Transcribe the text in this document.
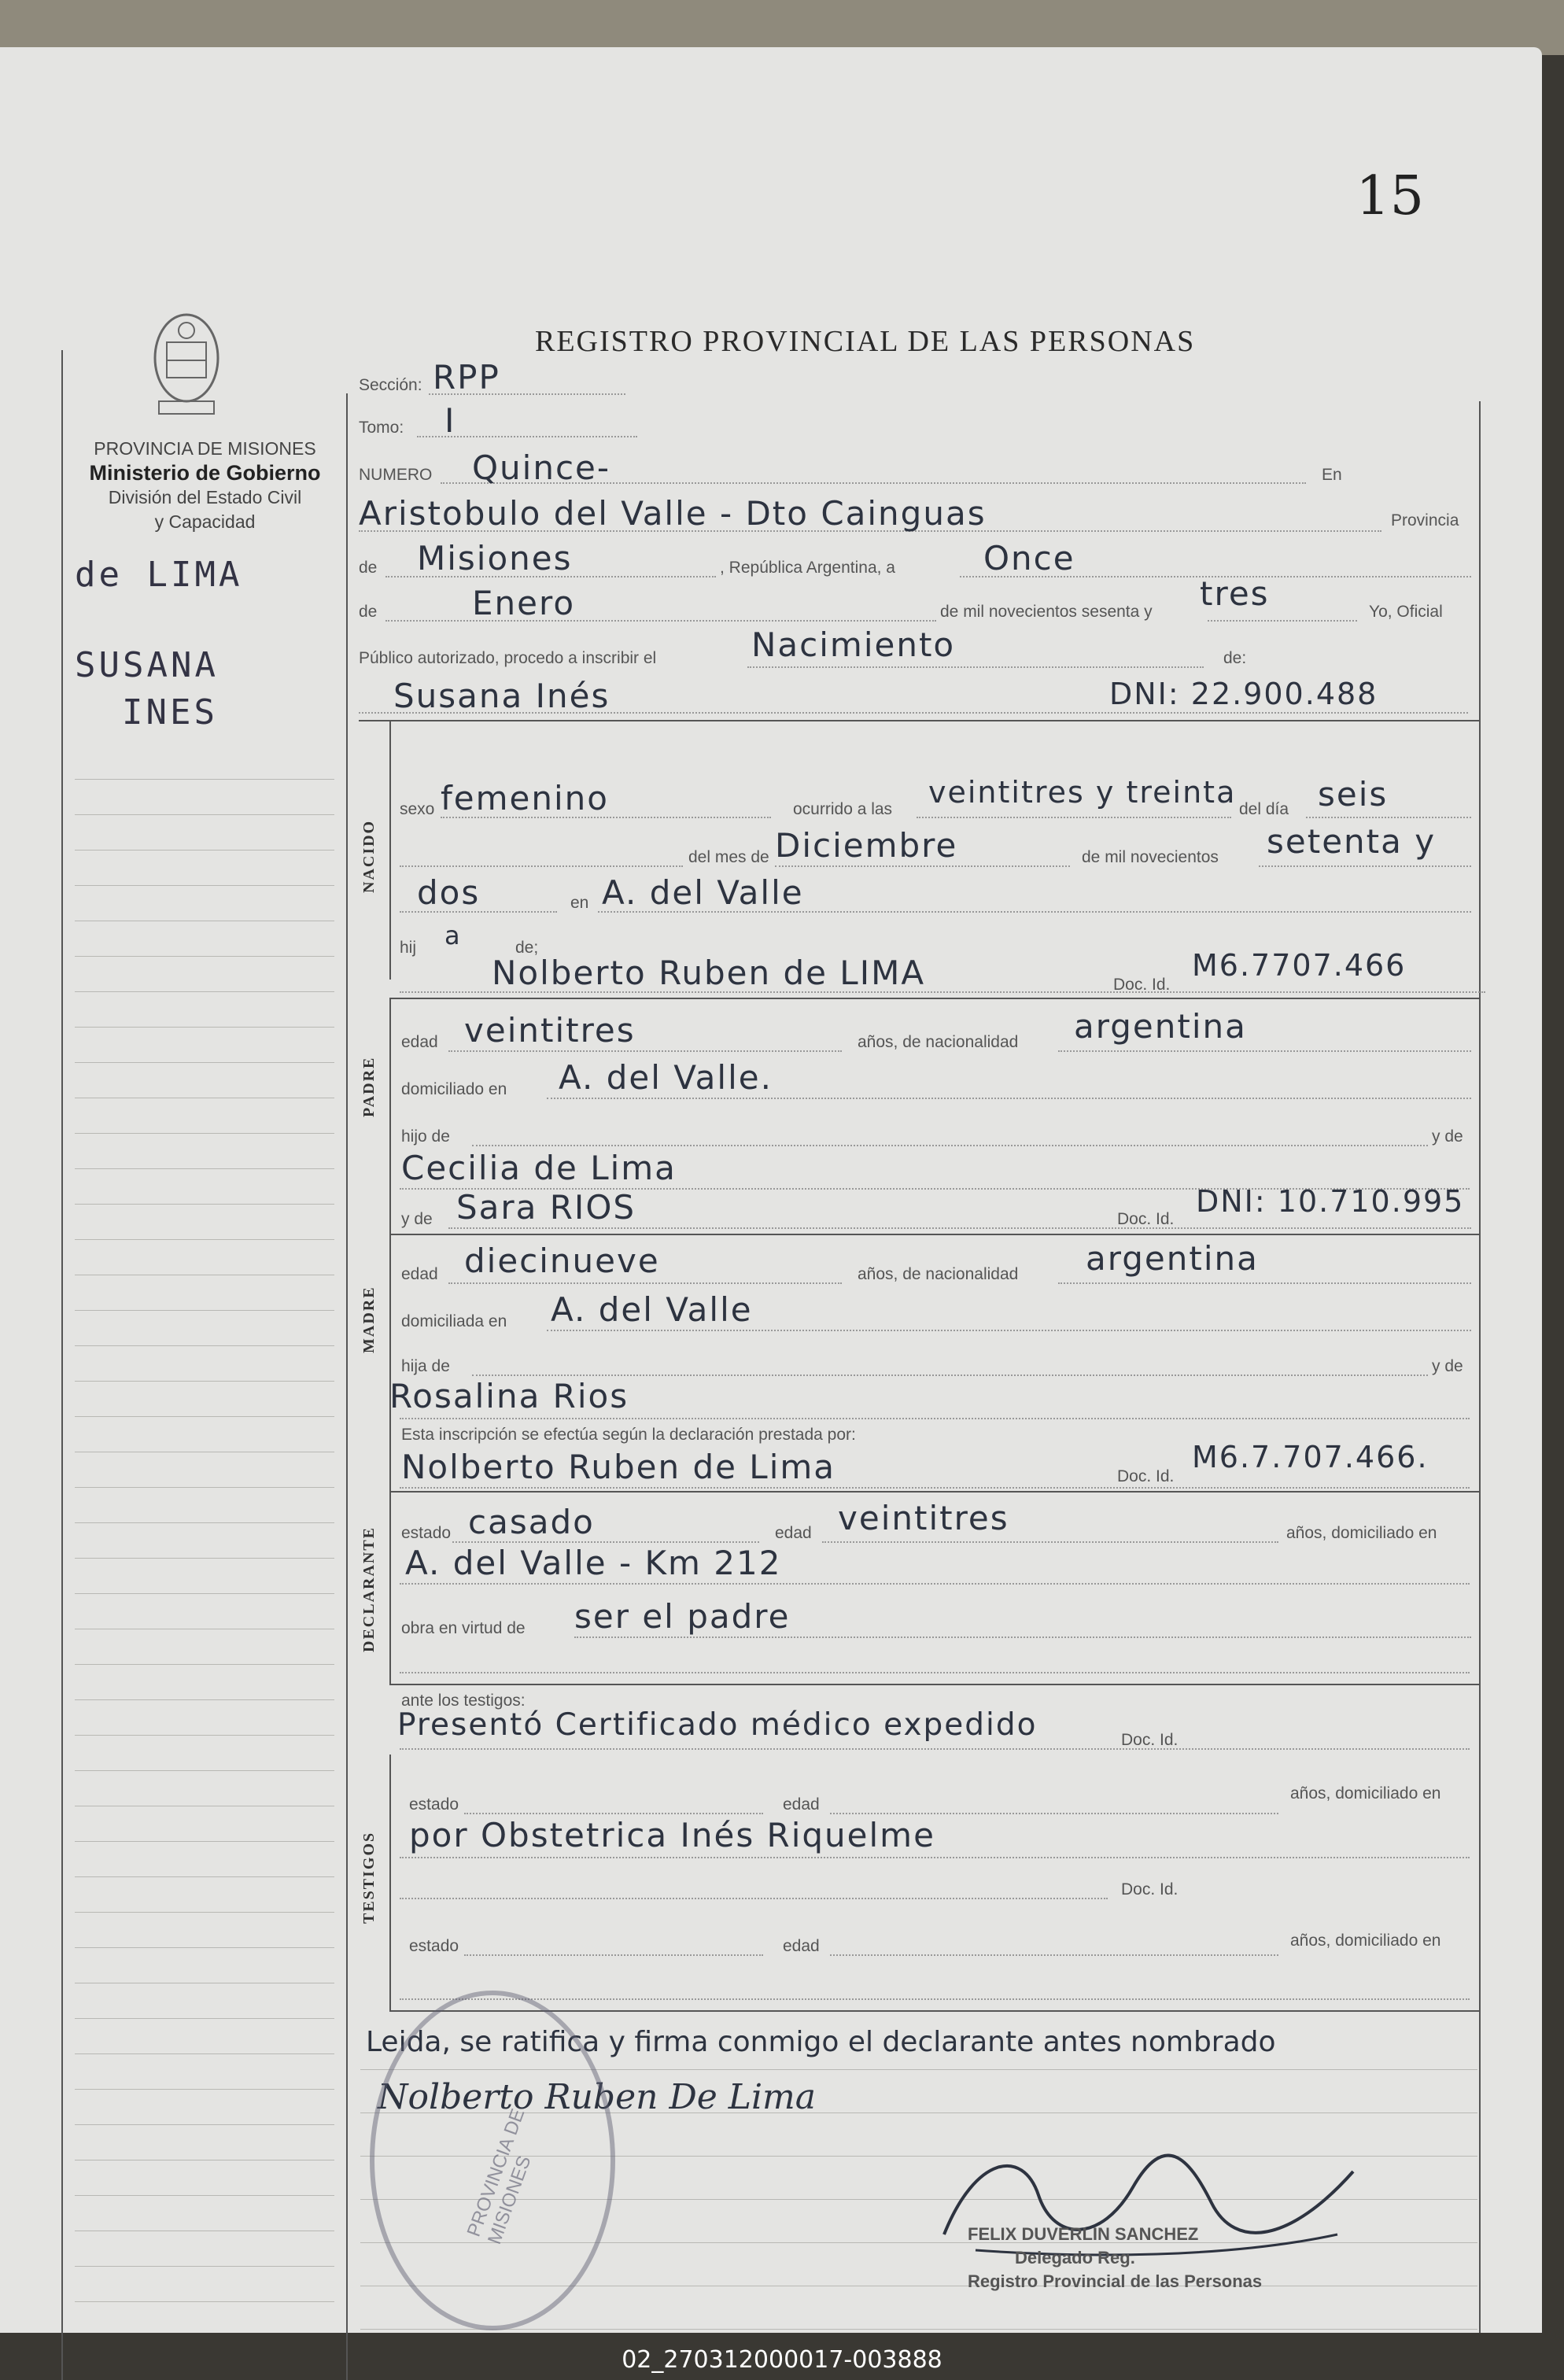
15
PROVINCIA DE MISIONES
Ministerio de Gobierno
División del Estado Civil
y Capacidad
REGISTRO PROVINCIAL DE LAS PERSONAS
de LIMA
SUSANA
INES
Sección: RPP
Tomo: I
NUMERO Quince-	En
Aristobulo del Valle - Dto Cainguas	Provincia
de Misiones	, República Argentina, a	Once
de	Enero	de mil novecientos sesenta y tres	Yo, Oficial
Público autorizado, procedo a inscribir el	Nacimiento	de:
Susana Inés	DNI: 22.900.488
NACIDO
sexo femenino	ocurrido a las veintitres y treinta del día seis
del mes de Diciembre	de mil novecientos setenta y
dos	en A. del Valle
hij a	de;
Nolberto Ruben de LIMA	Doc. Id.
M6.7707.466
PADRE
edad veintitres	años, de nacionalidad argentina
domiciliado en A. del Valle.
hijo de	y de
Cecilia de Lima
y de Sara RIOS	Doc. Id.
DNI: 10.710.995
MADRE
edad diecinueve	años, de nacionalidad argentina
domiciliada en A. del Valle
hija de	y de
Rosalina Rios
Esta inscripción se efectúa según la declaración prestada por:
Nolberto Ruben de Lima	Doc. Id.
M6.7.707.466.
DECLARANTE estado casado	edad veintitres	años, domiciliado en
A. del Valle - Km 212
obra en virtud de ser el padre
ante los testigos:
Presentó Certificado médico expedido	Doc. Id.
TESTIGOS
estado	edad
años, domiciliado en
por Obstetrica Inés Riquelme
Doc. Id.
estado	edad	años, domiciliado en
Leida, se ratifica y firma conmigo el declarante antes nombrado
Nolberto Ruben De Lima
PROVINCIA DE MISIONES	FELIX DUVERLIN SANCHEZ
Delegado Reg.
Registro Provincial de las Personas
02_270312000017-003888
